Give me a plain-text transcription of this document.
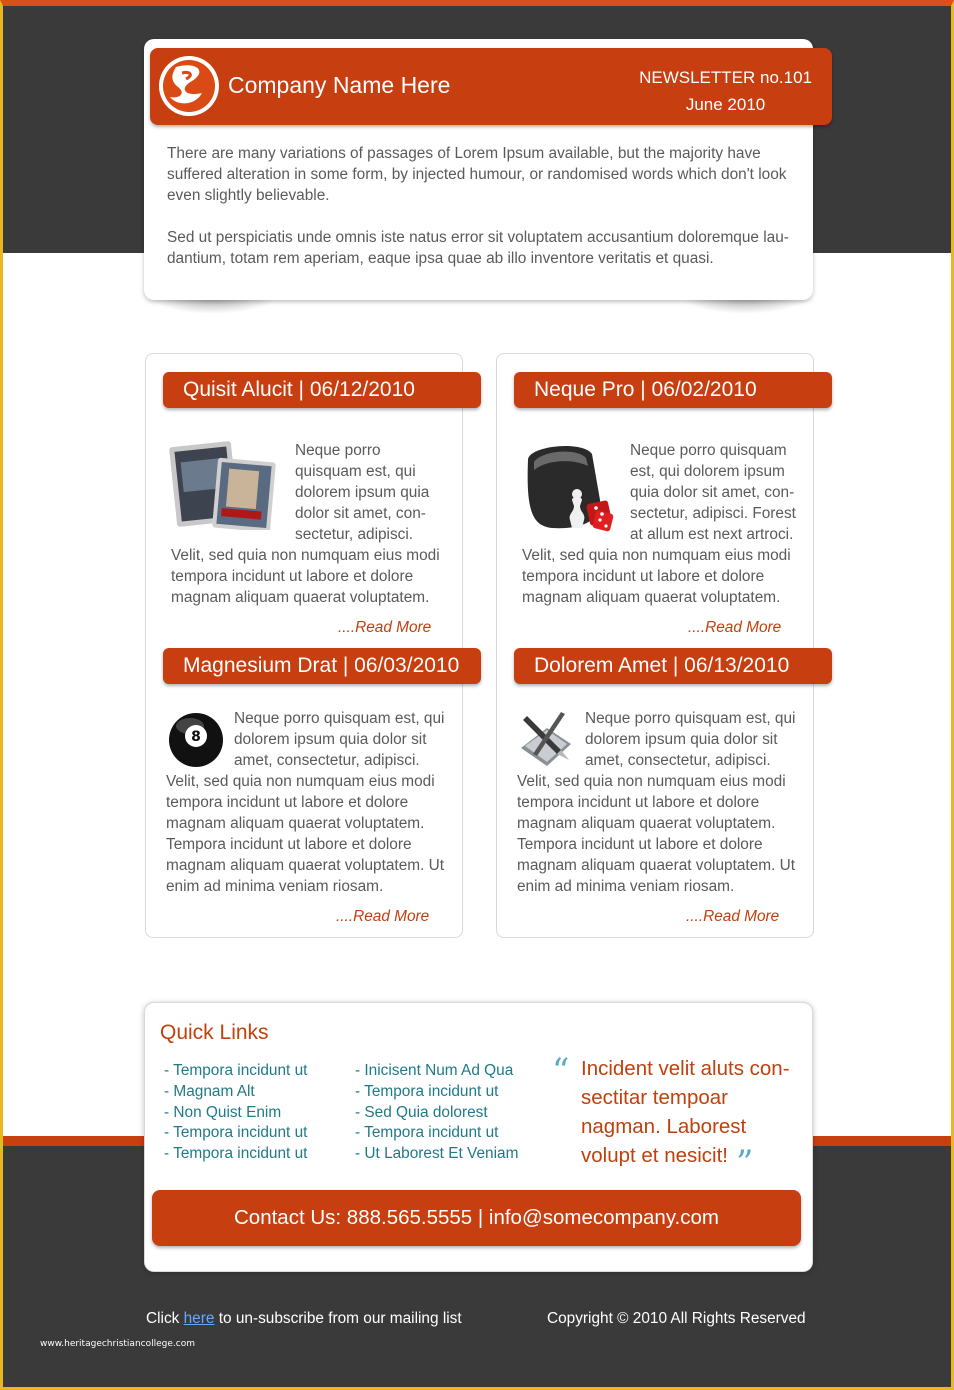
Company Name Here	NEWSLETTER no.101
June 2010

There are many variations of passages of Lorem Ipsum available, but the majority have suffered alteration in some form, by injected humour, or randomised words which don't look even slightly believable.

Sed ut perspiciatis unde omnis iste natus error sit voluptatem accusantium doloremque lau-dantium, totam rem aperiam, eaque ipsa quae ab illo inventore veritatis et quasi.

Quisit Alucit | 06/12/2010
Neque porro quisquam est, qui dolorem ipsum quia dolor sit amet, con-sectetur, adipisci. Velit, sed quia non numquam eius modi tempora incidunt ut labore et dolore magnam aliquam quaerat voluptatem.
....Read More
Neque Pro | 06/02/2010
Neque porro quisquam est, qui dolorem ipsum quia dolor sit amet, con-sectetur, adipisci. Forest at allum est next artroci. Velit, sed quia non numquam eius modi tempora incidunt ut labore et dolore magnam aliquam quaerat voluptatem.
....Read More
Magnesium Drat | 06/03/2010
8
Neque porro quisquam est, qui dolorem ipsum quia dolor sit amet, consectetur, adipisci. Velit, sed quia non numquam eius modi tempora incidunt ut labore et dolore magnam aliquam quaerat voluptatem. Tempora incidunt ut labore et dolore magnam aliquam quaerat voluptatem. Ut enim ad minima veniam riosam.
....Read More
Dolorem Amet | 06/13/2010
Neque porro quisquam est, qui dolorem ipsum quia dolor sit amet, consectetur, adipisci. Velit, sed quia non numquam eius modi tempora incidunt ut labore et dolore magnam aliquam quaerat voluptatem. Tempora incidunt ut labore et dolore magnam aliquam quaerat voluptatem. Ut enim ad minima veniam riosam.
....Read More
Quick Links
- Tempora incidunt ut
- Magnam Alt
- Non Quist Enim
- Tempora incidunt ut
- Tempora incidunt ut
- Inicisent Num Ad Qua
- Tempora incidunt ut
- Sed Quia dolorest
- Tempora incidunt ut
- Ut Laborest Et Veniam
“ Incident velit aluts con-sectitar tempoar nagman. Laborest volupt et nesicit! ”
Contact Us: 888.565.5555 | info@somecompany.com
Click here to un-subscribe from our mailing list	Copyright © 2010 All Rights Reserved
www.heritagechristiancollege.com
